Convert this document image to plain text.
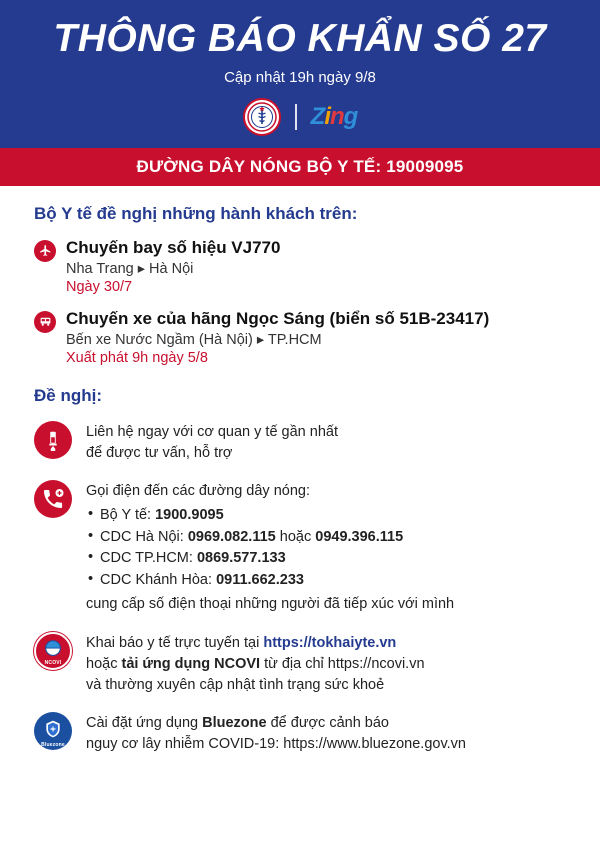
THÔNG BÁO KHẨN SỐ 27
Cập nhật 19h ngày 9/8
Zing
ĐƯỜNG DÂY NÓNG BỘ Y TẾ: 19009095
Bộ Y tế đề nghị những hành khách trên:
Chuyến bay số hiệu VJ770
Nha Trang ▸ Hà Nội
Ngày 30/7
Chuyến xe của hãng Ngọc Sáng (biển số 51B-23417)
Bến xe Nước Ngầm (Hà Nội) ▸ TP.HCM
Xuất phát 9h ngày 5/8
Đề nghị:
Liên hệ ngay với cơ quan y tế gần nhất
để được tư vấn, hỗ trợ
Gọi điện đến các đường dây nóng:
• Bộ Y tế: 1900.9095
• CDC Hà Nội: 0969.082.115 hoặc 0949.396.115
• CDC TP.HCM: 0869.577.133
• CDC Khánh Hòa: 0911.662.233
cung cấp số điện thoại những người đã tiếp xúc với mình
NCOVI
Khai báo y tế trực tuyến tại https://tokhaiyte.vn
hoặc tải ứng dụng NCOVI từ địa chỉ https://ncovi.vn
và thường xuyên cập nhật tình trạng sức khoẻ
Bluezone
Cài đặt ứng dụng Bluezone để được cảnh báo
nguy cơ lây nhiễm COVID-19: https://www.bluezone.gov.vn
